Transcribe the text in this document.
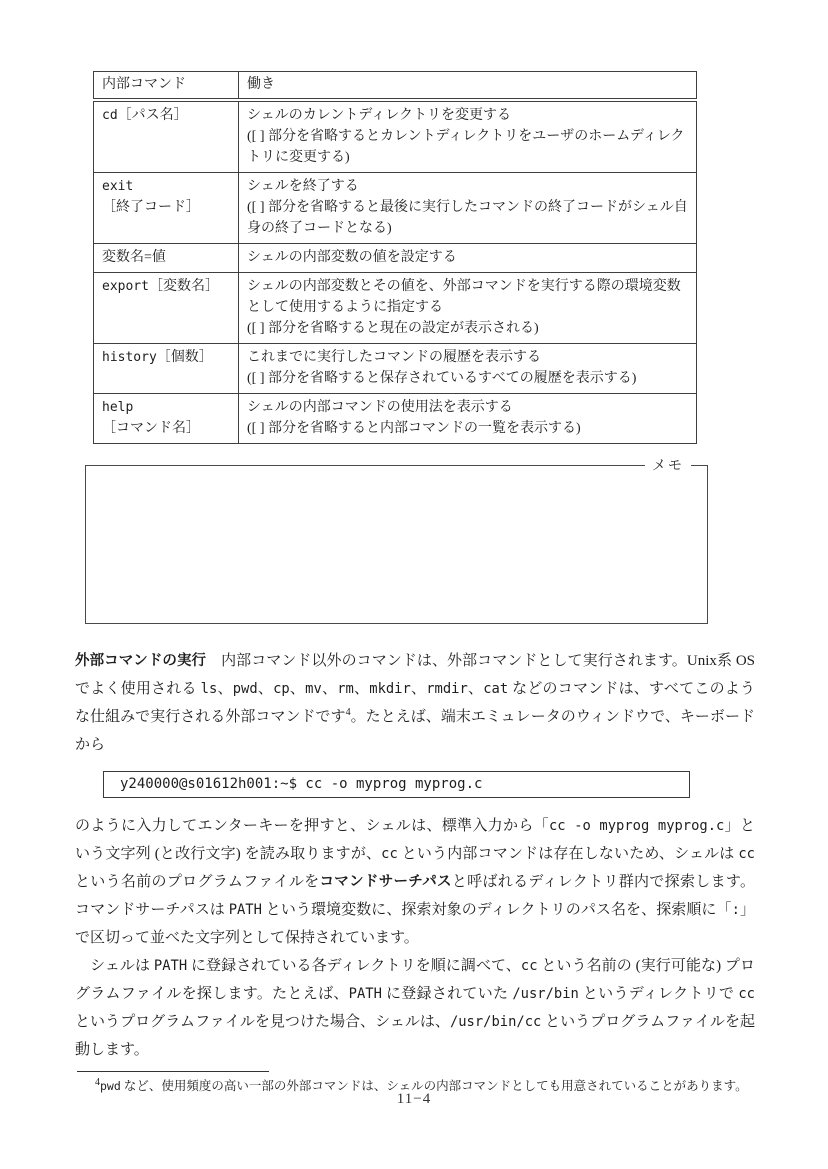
内部コマンド	働き
cd［パス名］	シェルのカレントディレクトリを変更する
([ ] 部分を省略するとカレントディレクトリをユーザのホームディレクトリに変更する)

exit［終了コード］	シェルを終了する
([ ] 部分を省略すると最後に実行したコマンドの終了コードがシェル自身の終了コードとなる)

変数名=値	シェルの内部変数の値を設定する

export［変数名］	シェルの内部変数とその値を、外部コマンドを実行する際の環境変数として使用するように指定する
([ ] 部分を省略すると現在の設定が表示される)

history［個数］	これまでに実行したコマンドの履歴を表示する
([ ] 部分を省略すると保存されているすべての履歴を表示する)

help［コマンド名］	シェルの内部コマンドの使用法を表示する
([ ] 部分を省略すると内部コマンドの一覧を表示する)
メモ

外部コマンドの実行 内部コマンド以外のコマンドは、外部コマンドとして実行されます。Unix系 OS でよく使用される ls、pwd、cp、mv、rm、mkdir、rmdir、cat などのコマンドは、すべてこのような仕組みで実行される外部コマンドです$^4$。たとえば、端末エミュレータのウィンドウで、キーボードから

y240000@s01612h001:~$ cc -o myprog myprog.c

のように入力してエンターキーを押すと、シェルは、標準入力から「cc -o myprog myprog.c」という文字列 (と改行文字) を読み取りますが、cc という内部コマンドは存在しないため、シェルは cc という名前のプログラムファイルをコマンドサーチパスと呼ばれるディレクトリ群内で探索します。コマンドサーチパスは PATH という環境変数に、探索対象のディレクトリのパス名を、探索順に「:」で区切って並べた文字列として保持されています。

　シェルは PATH に登録されている各ディレクトリを順に調べて、cc という名前の (実行可能な) プログラムファイルを探します。たとえば、PATH に登録されていた /usr/bin というディレクトリで cc というプログラムファイルを見つけた場合、シェルは、/usr/bin/cc というプログラムファイルを起動します。

$^4$pwd など、使用頻度の高い一部の外部コマンドは、シェルの内部コマンドとしても用意されていることがあります。

11−4
